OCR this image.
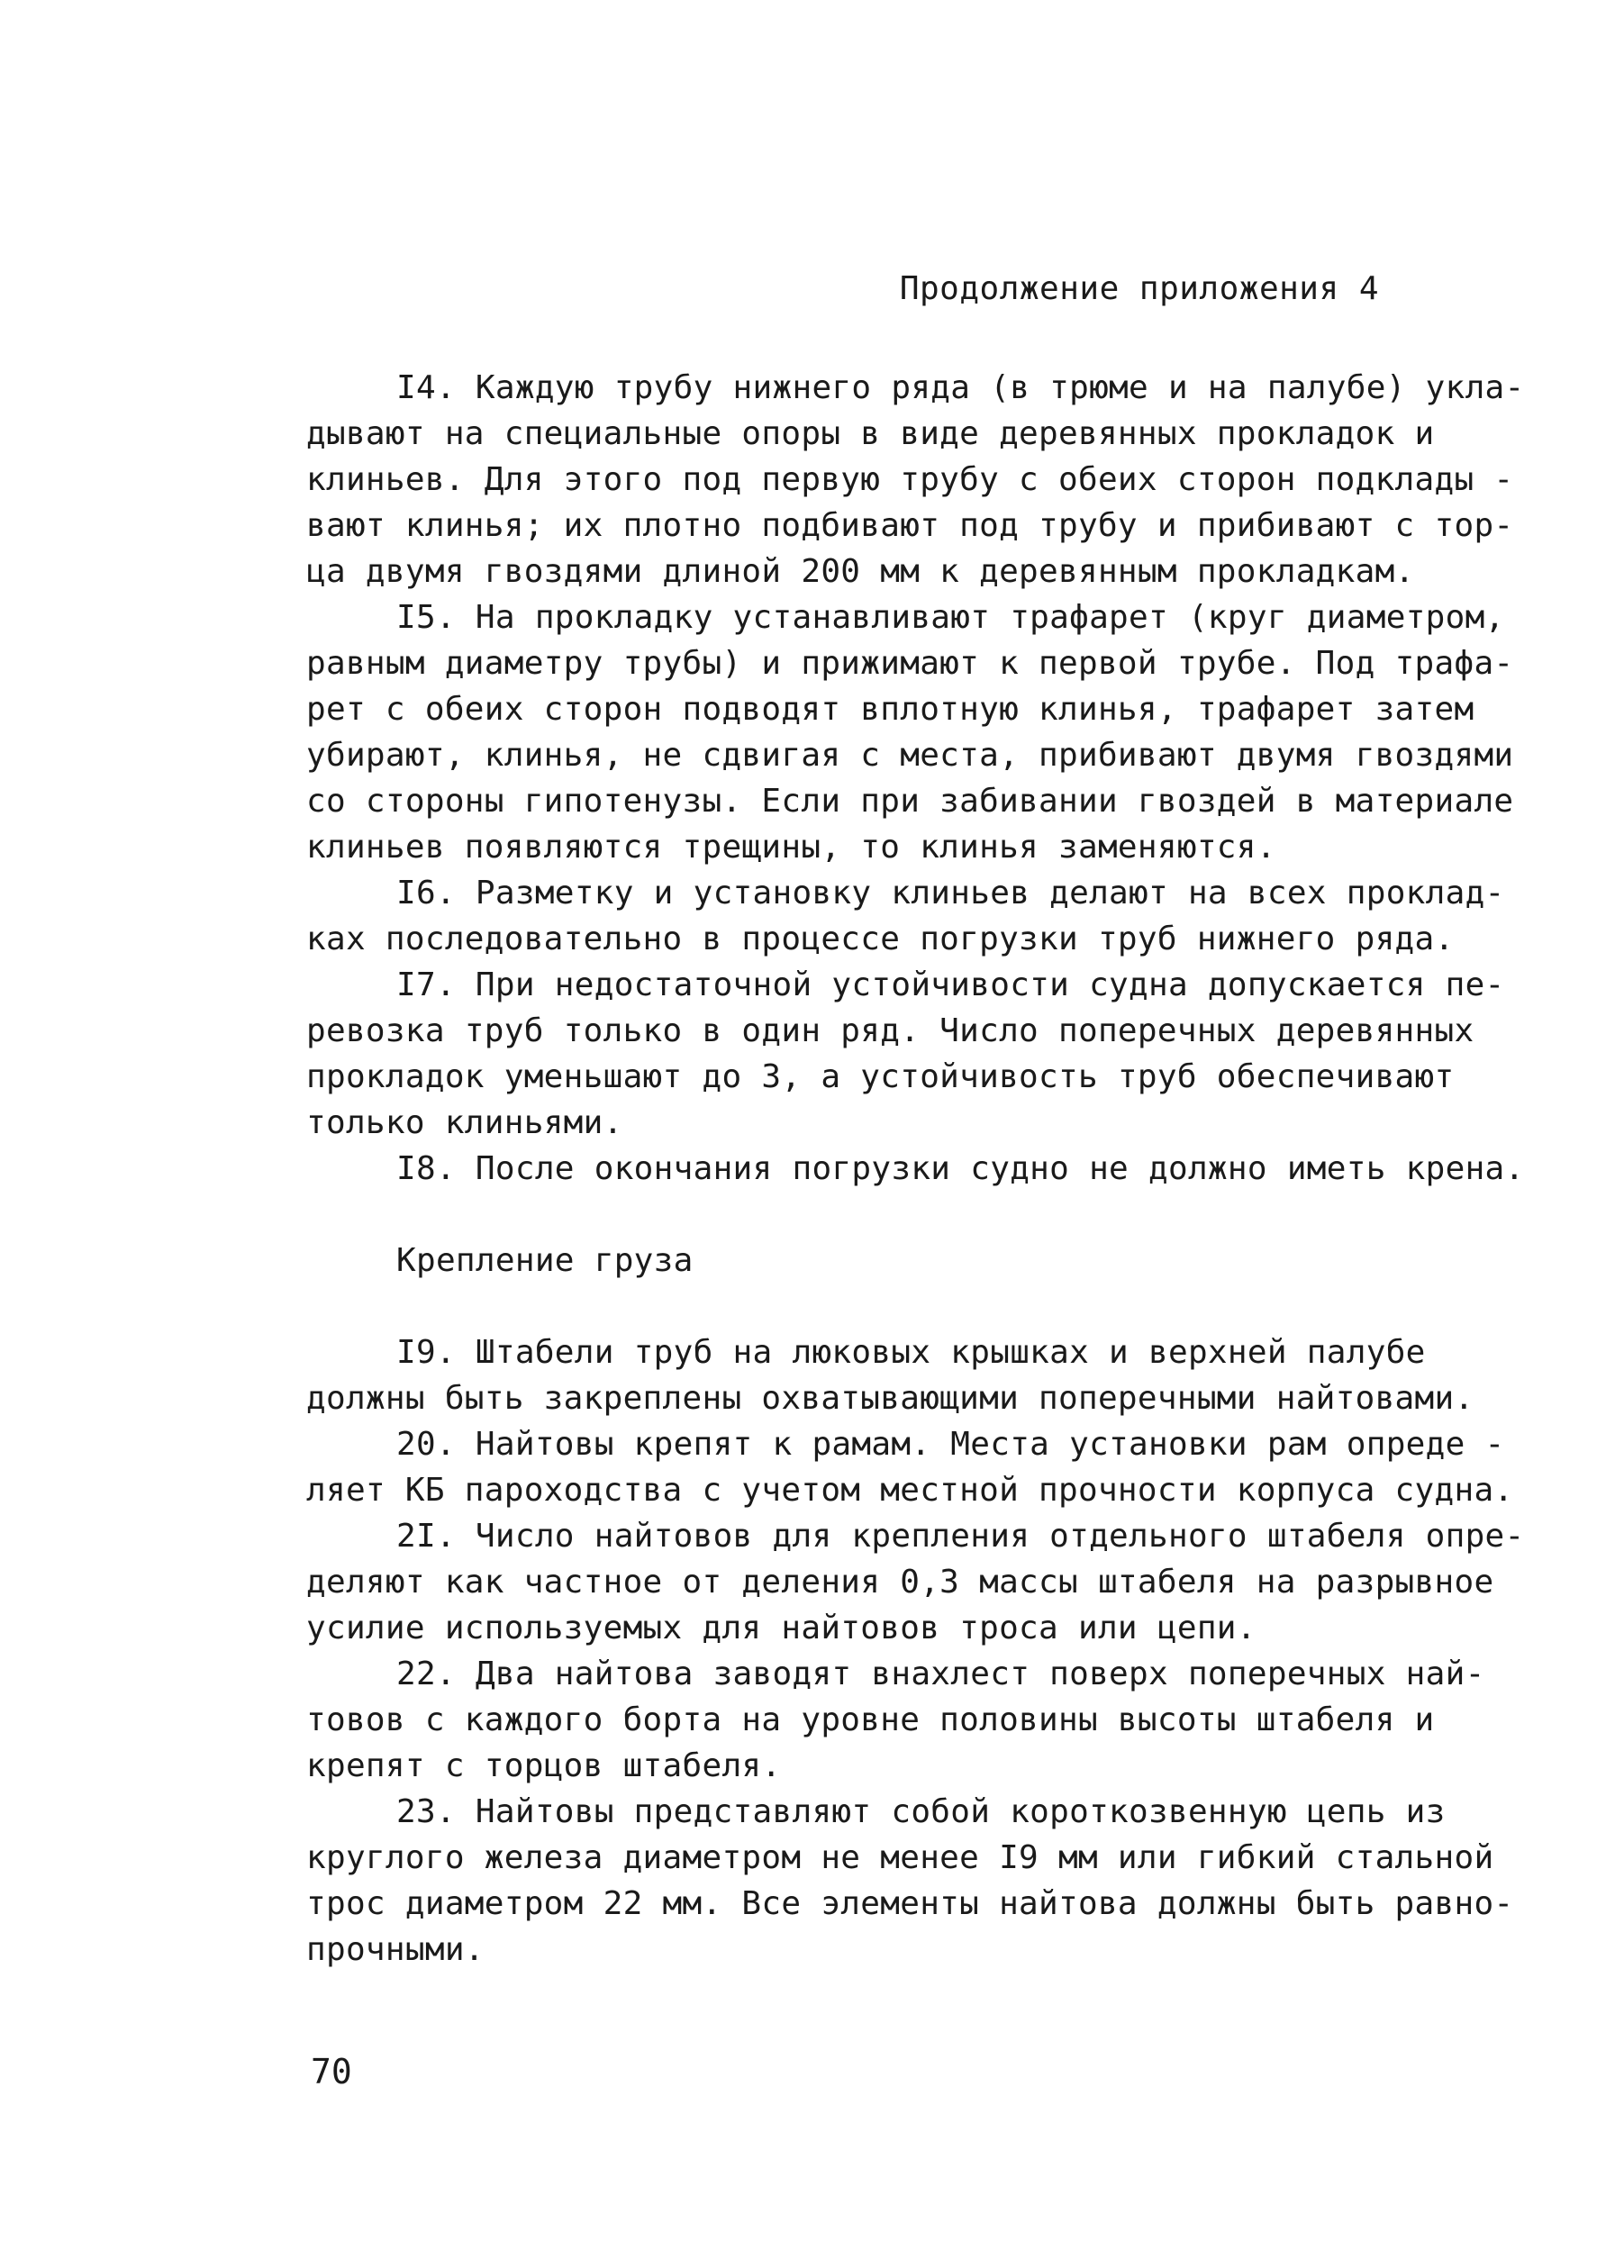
Продолжение приложения 4
I4. Каждую трубу нижнего ряда (в трюме и на палубе) укла-
дывают на специальные опоры в виде деревянных прокладок и
клиньев. Для этого под первую трубу с обеих сторон подклады -
вают клинья; их плотно подбивают под трубу и прибивают с тор-
ца двумя гвоздями длиной 200 мм к деревянным прокладкам.
I5. На прокладку устанавливают трафарет (круг диаметром,
равным диаметру трубы) и прижимают к первой трубе. Под трафа-
рет с обеих сторон подводят вплотную клинья, трафарет затем
убирают, клинья, не сдвигая с места, прибивают двумя гвоздями
со стороны гипотенузы. Если при забивании гвоздей в материале
клиньев появляются трещины, то клинья заменяются.
I6. Разметку и установку клиньев делают на всех проклад-
ках последовательно в процессе погрузки труб нижнего ряда.
I7. При недостаточной устойчивости судна допускается пе-
ревозка труб только в один ряд. Число поперечных деревянных
прокладок уменьшают до 3, а устойчивость труб обеспечивают
только клиньями.
I8. После окончания погрузки судно не должно иметь крена.
Крепление груза
I9. Штабели труб на люковых крышках и верхней палубе
должны быть закреплены охватывающими поперечными найтовами.
20. Найтовы крепят к рамам. Места установки рам опреде -
ляет КБ пароходства с учетом местной прочности корпуса судна.
2I. Число найтовов для крепления отдельного штабеля опре-
деляют как частное от деления 0,3 массы штабеля на разрывное
усилие используемых для найтовов троса или цепи.
22. Два найтова заводят внахлест поверх поперечных най-
товов с каждого борта на уровне половины высоты штабеля и
крепят с торцов штабеля.
23. Найтовы представляют собой короткозвенную цепь из
круглого железа диаметром не менее I9 мм или гибкий стальной
трос диаметром 22 мм. Все элементы найтова должны быть равно-
прочными.
70
